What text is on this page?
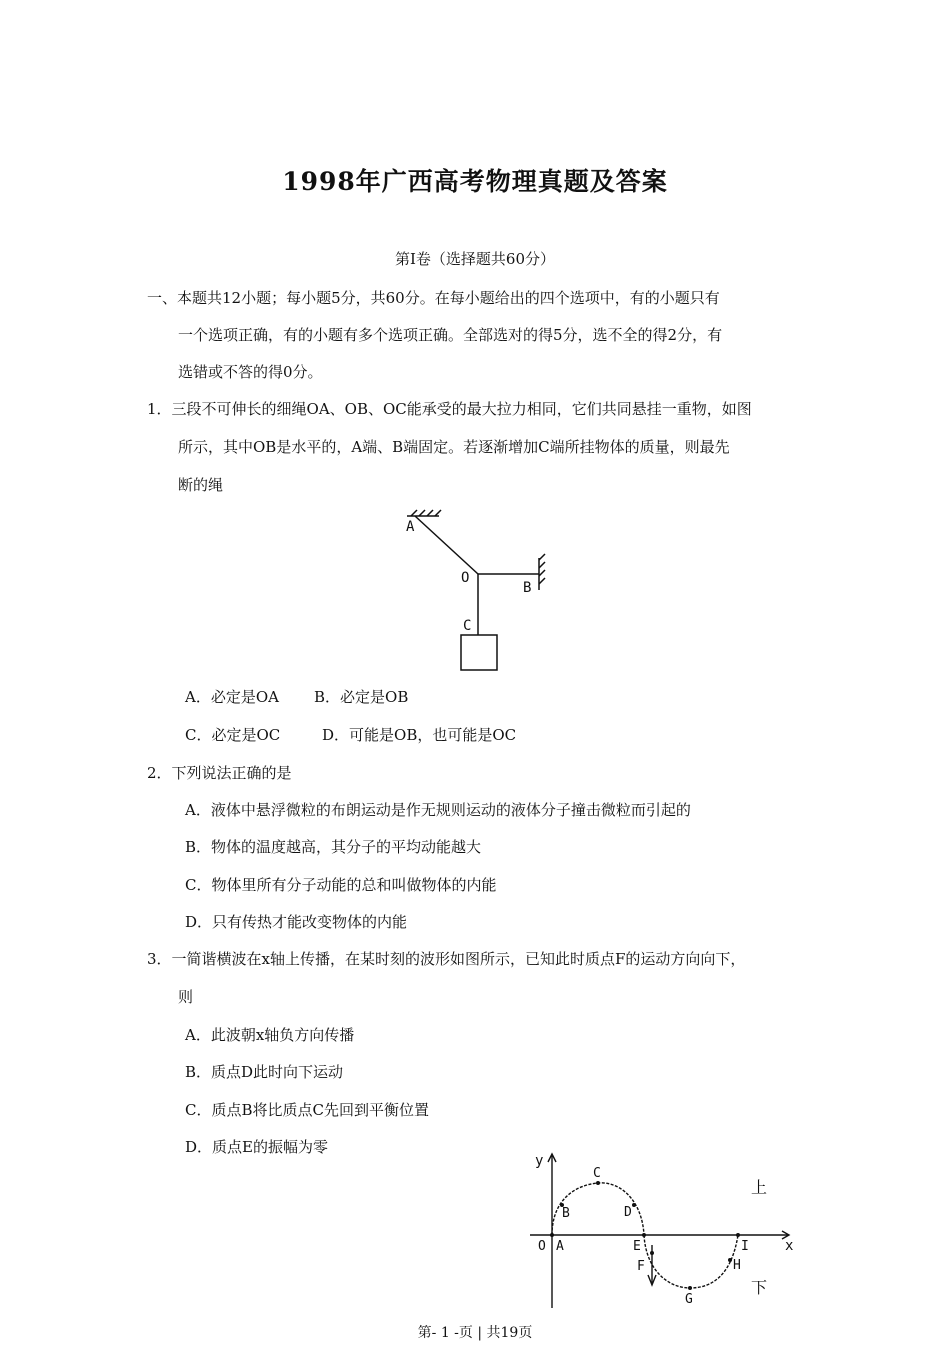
1998年广西高考物理真题及答案
第Ⅰ卷（选择题共60分）
一、本题共12小题；每小题5分，共60分。在每小题给出的四个选项中，有的小题只有
一个选项正确，有的小题有多个选项正确。全部选对的得5分，选不全的得2分，有
选错或不答的得0分。
1．三段不可伸长的细绳OA、OB、OC能承受的最大拉力相同，它们共同悬挂一重物，如图
所示，其中OB是水平的，A端、B端固定。若逐渐增加C端所挂物体的质量，则最先
断的绳
A
O
B
C
A．必定是OA B．必定是OB
C．必定是OC	D．可能是OB，也可能是OC
2．下列说法正确的是
A．液体中悬浮微粒的布朗运动是作无规则运动的液体分子撞击微粒而引起的
B．物体的温度越高，其分子的平均动能越大
C．物体里所有分子动能的总和叫做物体的内能
D．只有传热才能改变物体的内能
3．一简谐横波在x轴上传播，在某时刻的波形如图所示，已知此时质点F的运动方向向下，
则
A．此波朝x轴负方向传播
B．质点D此时向下运动
C．质点B将比质点C先回到平衡位置
D．质点E的振幅为零
y
x
O A
B
C
D
E
F
G
H
I
上
下
第- 1 -页 | 共19页
